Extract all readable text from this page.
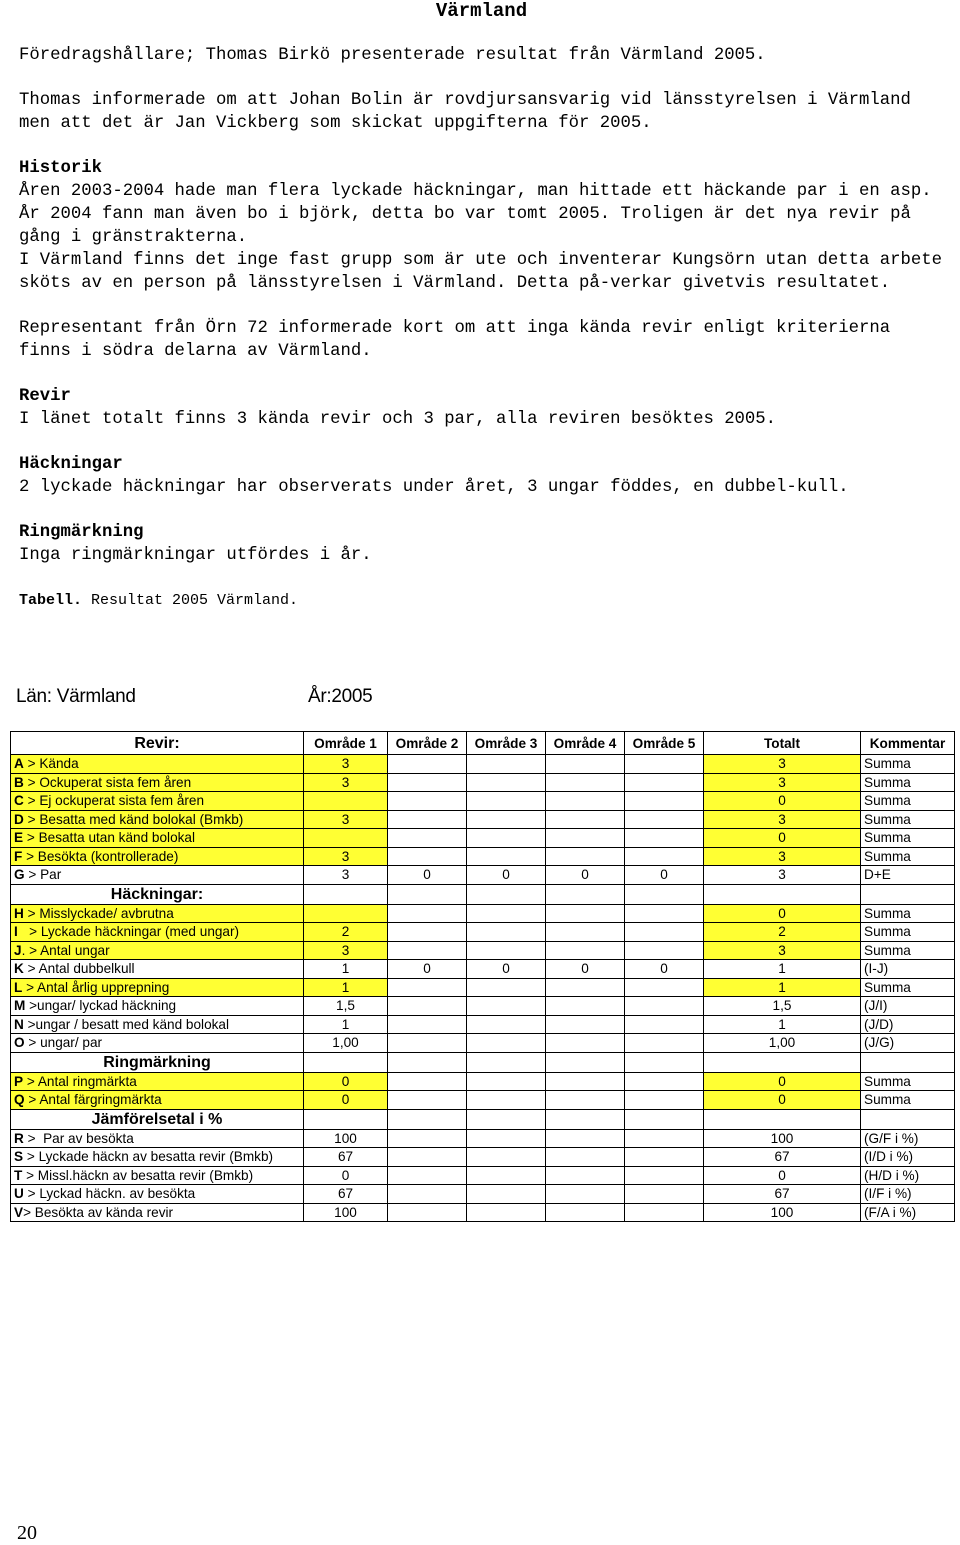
Värmland

Föredragshållare; Thomas Birkö presenterade resultat från Värmland 2005.

Thomas informerade om att Johan Bolin är rovdjursansvarig vid länsstyrelsen i Värmland men att det är Jan Vickberg som skickat uppgifterna för 2005.

Historik

Åren 2003-2004 hade man flera lyckade häckningar, man hittade ett häckande par i en asp. År 2004 fann man även bo i björk, detta bo var tomt 2005. Troligen är det nya revir på gång i gränstrakterna.

I Värmland finns det inge fast grupp som är ute och inventerar Kungsörn utan detta arbete sköts av en person på länsstyrelsen i Värmland. Detta på-verkar givetvis resultatet.

Representant från Örn 72 informerade kort om att inga kända revir enligt kriterierna finns i södra delarna av Värmland.

Revir

I länet totalt finns 3 kända revir och 3 par, alla reviren besöktes 2005.

Häckningar

2 lyckade häckningar har observerats under året, 3 ungar föddes, en dubbel-kull.

Ringmärkning

Inga ringmärkningar utfördes i år.

Tabell. Resultat 2005 Värmland.

Län: Värmland	År:2005
Revir:	Område 1	Område 2	Område 3	Område 4	Område 5	Totalt	Kommentar
A > Kända	3					3	Summa
B > Ockuperat sista fem åren	3					3	Summa
C > Ej ockuperat sista fem åren						0	Summa
D > Besatta med känd bolokal (Bmkb)	3					3	Summa
E > Besatta utan känd bolokal						0	Summa
F > Besökta (kontrollerade)	3					3	Summa
G > Par	3	0	0	0	0	3	D+E
Häckningar:							
H > Misslyckade/ avbrutna						0	Summa
I   > Lyckade häckningar (med ungar)	2					2	Summa
J. > Antal ungar	3					3	Summa
K > Antal dubbelkull	1	0	0	0	0	1	(I-J)
L > Antal årlig upprepning	1					1	Summa
M >ungar/ lyckad häckning	1,5					1,5	(J/I)
N >ungar / besatt med känd bolokal	1					1	(J/D)
O > ungar/ par	1,00					1,00	(J/G)
Ringmärkning							
P > Antal ringmärkta	0					0	Summa
Q > Antal färgringmärkta	0					0	Summa
Jämförelsetal i %							
R >  Par av besökta	100					100	(G/F i %)
S > Lyckade häckn av besatta revir (Bmkb)	67					67	(I/D i %)
T > Missl.häckn av besatta revir (Bmkb)	0					0	(H/D i %)
U > Lyckad häckn. av besökta	67					67	(I/F i %)
V> Besökta av kända revir	100					100	(F/A i %)
20
